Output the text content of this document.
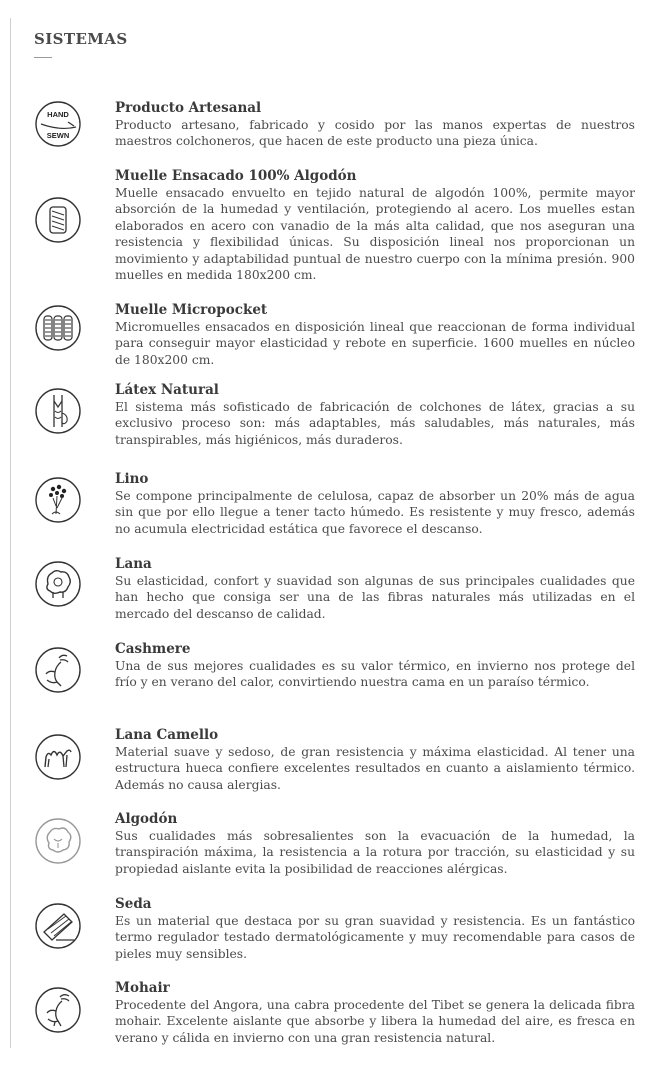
SISTEMAS
HAND
SEWN

Producto Artesanal

Producto artesano, fabricado y cosido por las manos expertas de nuestros maestros colchoneros, que hacen de este producto una pieza única.

Muelle Ensacado 100% Algodón

Muelle ensacado envuelto en tejido natural de algodón 100%, permite mayor absorción de la humedad y ventilación, protegiendo al acero. Los muelles estan elaborados en acero con vanadio de la más alta calidad, que nos aseguran una resistencia y flexibilidad únicas. Su disposición lineal nos proporcionan un movimiento y adaptabilidad puntual de nuestro cuerpo con la mínima presión. 900 muelles en medida 180x200 cm.

Muelle Micropocket

Micromuelles ensacados en disposición lineal que reaccionan de forma individual para conseguir mayor elasticidad y rebote en superficie. 1600 muelles en núcleo de 180x200 cm.

Látex Natural

El sistema más sofisticado de fabricación de colchones de látex, gracias a su exclusivo proceso son: más adaptables, más saludables, más naturales, más transpirables, más higiénicos, más duraderos.

Lino

Se compone principalmente de celulosa, capaz de absorber un 20% más de agua sin que por ello llegue a tener tacto húmedo. Es resistente y muy fresco, además no acumula electricidad estática que favorece el descanso.

Lana

Su elasticidad, confort y suavidad son algunas de sus principales cualidades que han hecho que consiga ser una de las fibras naturales más utilizadas en el mercado del descanso de calidad.

Cashmere

Una de sus mejores cualidades es su valor térmico, en invierno nos protege del frío y en verano del calor, convirtiendo nuestra cama en un paraíso térmico.

Lana Camello

Material suave y sedoso, de gran resistencia y máxima elasticidad. Al tener una estructura hueca confiere excelentes resultados en cuanto a aislamiento térmico. Además no causa alergias.

Algodón

Sus cualidades más sobresalientes son la evacuación de la humedad, la transpiración máxima, la resistencia a la rotura por tracción, su elasticidad y su propiedad aislante evita la posibilidad de reacciones alérgicas.

Seda

Es un material que destaca por su gran suavidad y resistencia. Es un fantástico termo regulador testado dermatológicamente y muy recomendable para casos de pieles muy sensibles.

Mohair

Procedente del Angora, una cabra procedente del Tibet se genera la delicada fibra mohair. Excelente aislante que absorbe y libera la humedad del aire, es fresca en verano y cálida en invierno con una gran resistencia natural.
